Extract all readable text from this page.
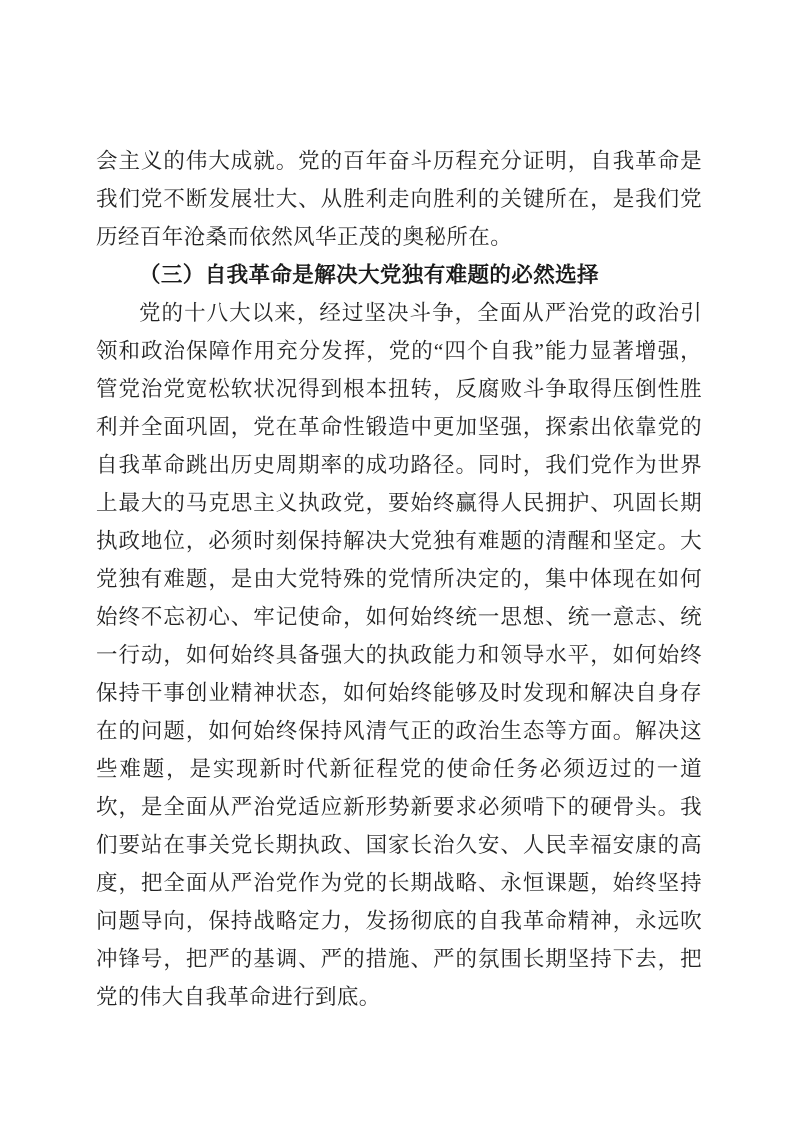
会主义的伟大成就。党的百年奋斗历程充分证明，自我革命是我们党不断发展壮大、从胜利走向胜利的关键所在，是我们党历经百年沧桑而依然风华正茂的奥秘所在。

（三）自我革命是解决大党独有难题的必然选择

党的十八大以来，经过坚决斗争，全面从严治党的政治引领和政治保障作用充分发挥，党的“四个自我”能力显著增强，管党治党宽松软状况得到根本扭转，反腐败斗争取得压倒性胜利并全面巩固，党在革命性锻造中更加坚强，探索出依靠党的自我革命跳出历史周期率的成功路径。同时，我们党作为世界上最大的马克思主义执政党，要始终赢得人民拥护、巩固长期执政地位，必须时刻保持解决大党独有难题的清醒和坚定。大党独有难题，是由大党特殊的党情所决定的，集中体现在如何始终不忘初心、牢记使命，如何始终统一思想、统一意志、统一行动，如何始终具备强大的执政能力和领导水平，如何始终保持干事创业精神状态，如何始终能够及时发现和解决自身存在的问题，如何始终保持风清气正的政治生态等方面。解决这些难题，是实现新时代新征程党的使命任务必须迈过的一道坎，是全面从严治党适应新形势新要求必须啃下的硬骨头。我们要站在事关党长期执政、国家长治久安、人民幸福安康的高度，把全面从严治党作为党的长期战略、永恒课题，始终坚持问题导向，保持战略定力，发扬彻底的自我革命精神，永远吹冲锋号，把严的基调、严的措施、严的氛围长期坚持下去，把党的伟大自我革命进行到底。
